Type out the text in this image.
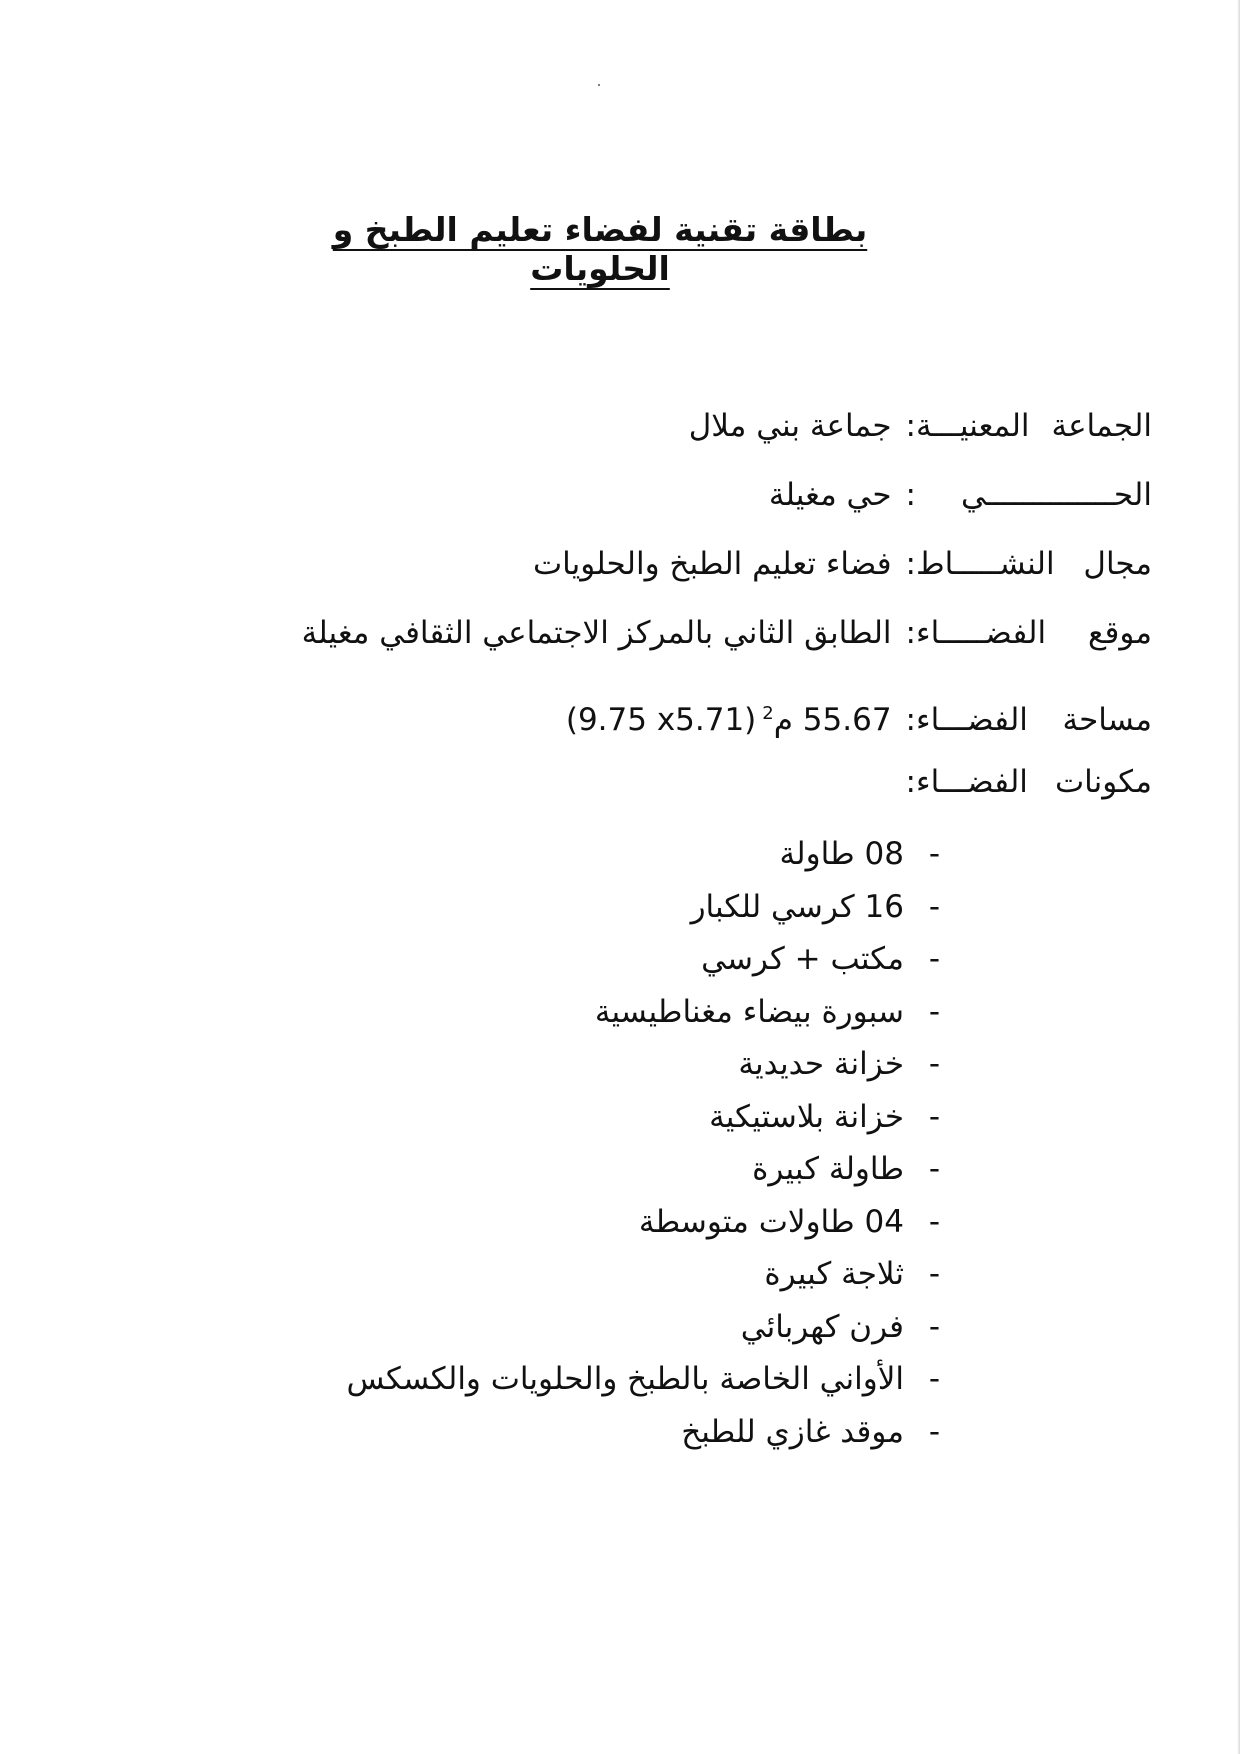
بطاقة تقنية لفضاء تعليم الطبخ و الحلويات
الجماعة المعنيـــة
:
جماعة بني ملال
الحــــــــــــــي
:
حي مغيلة
مجال النشـــــاط
:
فضاء تعليم الطبخ والحلويات
موقع الفضـــــاء
:
الطابق الثاني بالمركز الاجتماعي الثقافي مغيلة
مساحة الفضـــاء
:
55.67
م$^2$
(9.75 x5.71)
مكونات الفضـــاء
:
-08 طاولة
-16 كرسي للكبار
-مكتب + كرسي
-سبورة بيضاء مغناطيسية
-خزانة حديدية
-خزانة بلاستيكية
-طاولة كبيرة
-04 طاولات متوسطة
-ثلاجة كبيرة
-فرن كهربائي
-الأواني الخاصة بالطبخ والحلويات والكسكس
-موقد غازي للطبخ
